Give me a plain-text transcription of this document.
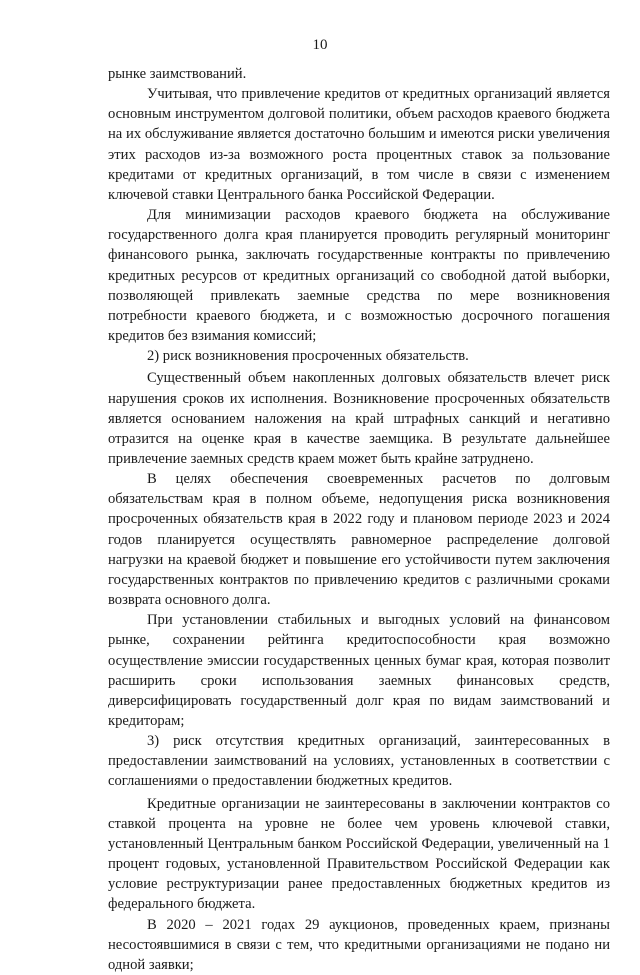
10

рынке заимствований.

Учитывая, что привлечение кредитов от кредитных организаций является основным инструментом долговой политики, объем расходов краевого бюджета на их обслуживание является достаточно большим и имеются риски увеличения этих расходов из-за возможного роста процентных ставок за пользование кредитами от кредитных организаций, в том числе в связи с изменением ключевой ставки Центрального банка Российской Федерации.

Для минимизации расходов краевого бюджета на обслуживание государственного долга края планируется проводить регулярный мониторинг финансового рынка, заключать государственные контракты по привлечению кредитных ресурсов от кредитных организаций со свободной датой выборки, позволяющей привлекать заемные средства по мере возникновения потребности краевого бюджета, и с возможностью досрочного погашения кредитов без взимания комиссий;

2) риск возникновения просроченных обязательств.

Существенный объем накопленных долговых обязательств влечет риск нарушения сроков их исполнения. Возникновение просроченных обязательств является основанием наложения на край штрафных санкций и негативно отразится на оценке края в качестве заемщика. В результате дальнейшее привлечение заемных средств краем может быть крайне затруднено.

В целях обеспечения своевременных расчетов по долговым обязательствам края в полном объеме, недопущения риска возникновения просроченных обязательств края в 2022 году и плановом периоде 2023 и 2024 годов планируется осуществлять равномерное распределение долговой нагрузки на краевой бюджет и повышение его устойчивости путем заключения государственных контрактов по привлечению кредитов с различными сроками возврата основного долга.

При установлении стабильных и выгодных условий на финансовом рынке, сохранении рейтинга кредитоспособности края возможно осуществление эмиссии государственных ценных бумаг края, которая позволит расширить сроки использования заемных финансовых средств, диверсифицировать государственный долг края по видам заимствований и кредиторам;

3) риск отсутствия кредитных организаций, заинтересованных в предоставлении заимствований на условиях, установленных в соответствии с соглашениями о предоставлении бюджетных кредитов.

Кредитные организации не заинтересованы в заключении контрактов со ставкой процента на уровне не более чем уровень ключевой ставки, установленный Центральным банком Российской Федерации, увеличенный на 1 процент годовых, установленной Правительством Российской Федерации как условие реструктуризации ранее предоставленных бюджетных кредитов из федерального бюджета.

В 2020 – 2021 годах 29 аукционов, проведенных краем, признаны несостоявшимися в связи с тем, что кредитными организациями не подано ни одной заявки;
